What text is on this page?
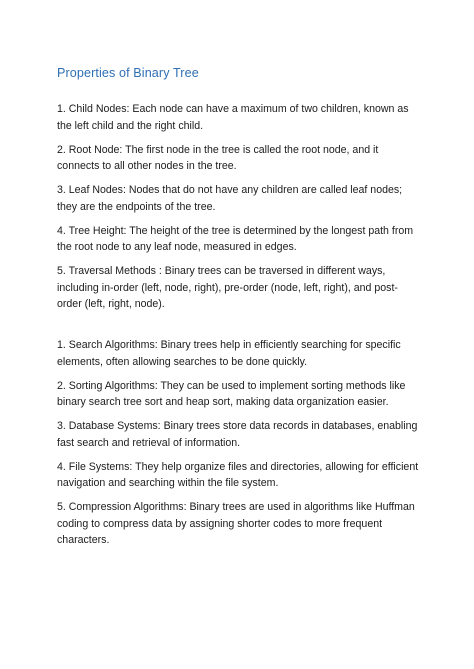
Properties of Binary Tree
1. Child Nodes: Each node can have a maximum of two children, known as the left child and the right child.
2. Root Node: The first node in the tree is called the root node, and it connects to all other nodes in the tree.
3. Leaf Nodes: Nodes that do not have any children are called leaf nodes; they are the endpoints of the tree.
4. Tree Height: The height of the tree is determined by the longest path from the root node to any leaf node, measured in edges.
5. Traversal Methods : Binary trees can be traversed in different ways, including in-order (left, node, right), pre-order (node, left, right), and post-order (left, right, node).
1. Search Algorithms: Binary trees help in efficiently searching for specific elements, often allowing searches to be done quickly.
2. Sorting Algorithms: They can be used to implement sorting methods like binary search tree sort and heap sort, making data organization easier.
3. Database Systems: Binary trees store data records in databases, enabling fast search and retrieval of information.
4. File Systems: They help organize files and directories, allowing for efficient navigation and searching within the file system.
5. Compression Algorithms: Binary trees are used in algorithms like Huffman coding to compress data by assigning shorter codes to more frequent characters.
